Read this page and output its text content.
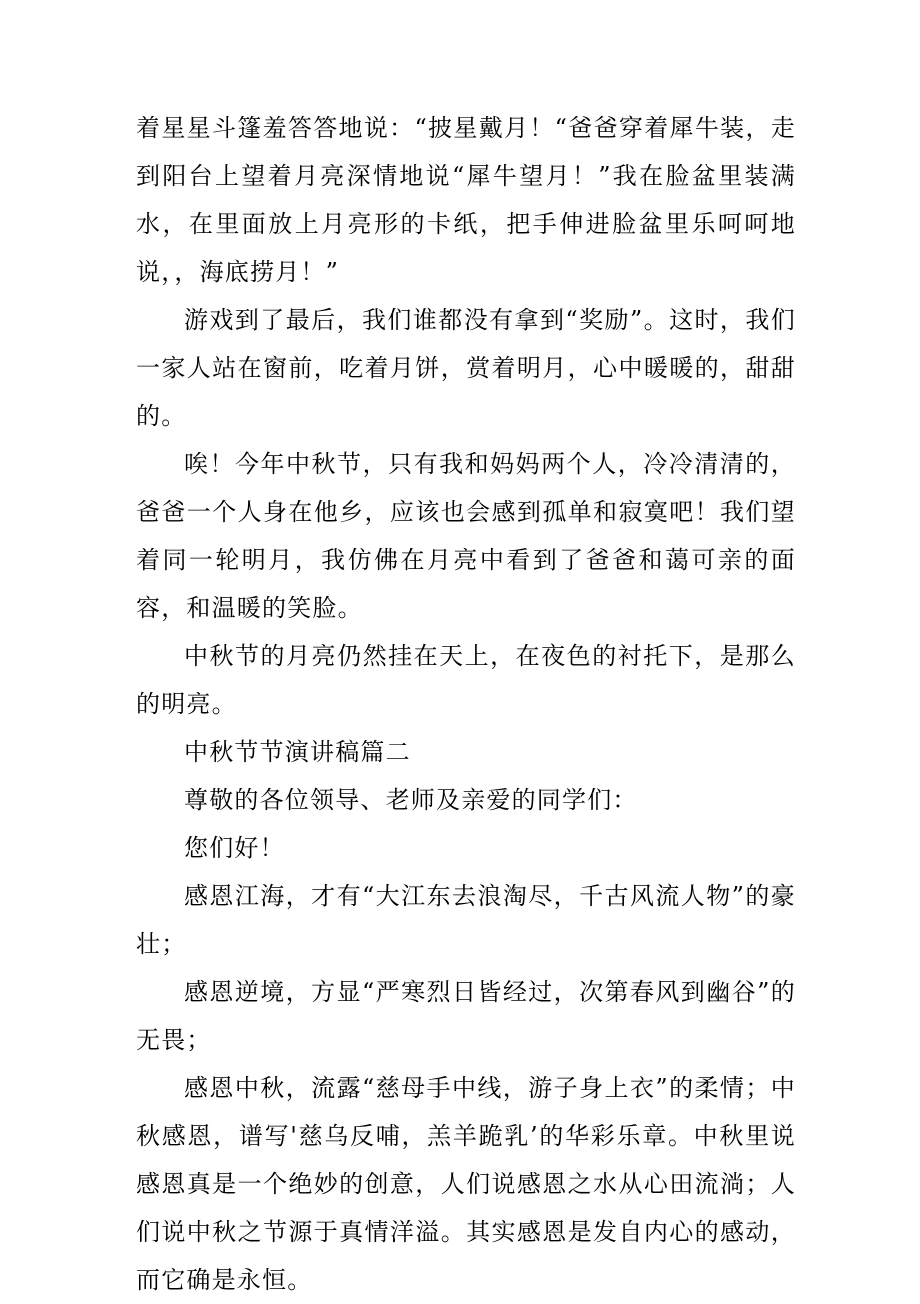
着星星斗篷羞答答地说：“披星戴月！“爸爸穿着犀牛装，走到阳台上望着月亮深情地说“犀牛望月！”我在脸盆里装满水，在里面放上月亮形的卡纸，把手伸进脸盆里乐呵呵地说，，海底捞月！”

游戏到了最后，我们谁都没有拿到“奖励”。这时，我们一家人站在窗前，吃着月饼，赏着明月，心中暖暖的，甜甜的。

唉！今年中秋节，只有我和妈妈两个人，冷冷清清的，爸爸一个人身在他乡，应该也会感到孤单和寂寞吧！我们望着同一轮明月，我仿佛在月亮中看到了爸爸和蔼可亲的面容，和温暖的笑脸。

中秋节的月亮仍然挂在天上，在夜色的衬托下，是那么的明亮。

中秋节节演讲稿篇二

尊敬的各位领导、老师及亲爱的同学们：

您们好！

感恩江海，才有“大江东去浪淘尽，千古风流人物”的豪壮；

感恩逆境，方显“严寒烈日皆经过，次第春风到幽谷”的无畏；

感恩中秋，流露“慈母手中线，游子身上衣”的柔情；中秋感恩，谱写'慈乌反哺，羔羊跪乳’的华彩乐章。中秋里说感恩真是一个绝妙的创意，人们说感恩之水从心田流淌；人们说中秋之节源于真情洋溢。其实感恩是发自内心的感动，而它确是永恒。
